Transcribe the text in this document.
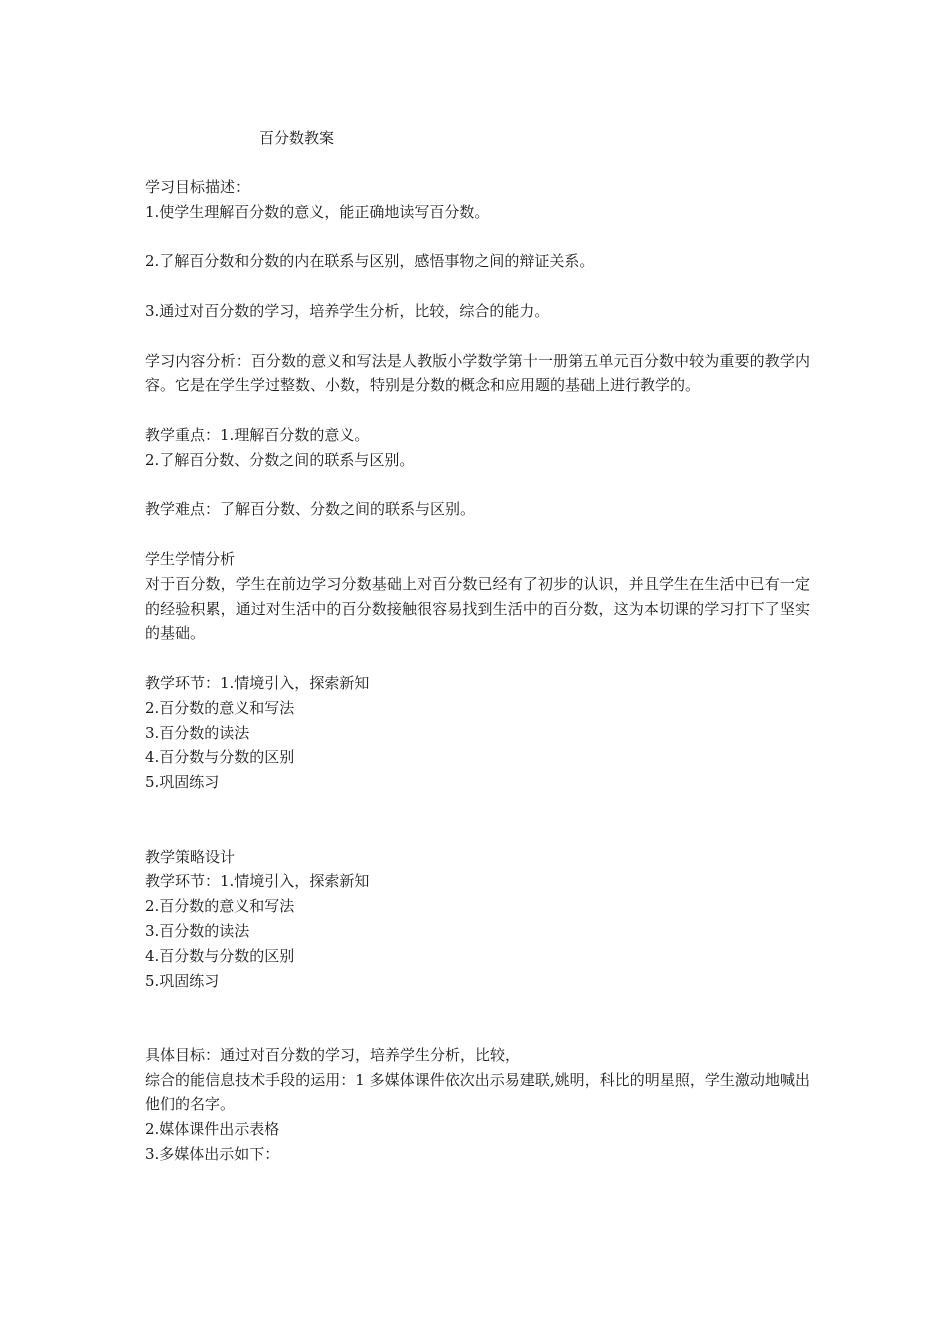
百分数教案

学习目标描述：

1.使学生理解百分数的意义，能正确地读写百分数。

2.了解百分数和分数的内在联系与区别，感悟事物之间的辩证关系。

3.通过对百分数的学习，培养学生分析，比较，综合的能力。

学习内容分析：百分数的意义和写法是人教版小学数学第十一册第五单元百分数中较为重要的教学内容。它是在学生学过整数、小数，特别是分数的概念和应用题的基础上进行教学的。

教学重点：1.理解百分数的意义。

2.了解百分数、分数之间的联系与区别。

教学难点：了解百分数、分数之间的联系与区别。

学生学情分析

对于百分数，学生在前边学习分数基础上对百分数已经有了初步的认识，并且学生在生活中已有一定的经验积累，通过对生活中的百分数接触很容易找到生活中的百分数，这为本切课的学习打下了坚实的基础。

教学环节：1.情境引入，探索新知

2.百分数的意义和写法

3.百分数的读法

4.百分数与分数的区别

5.巩固练习

教学策略设计

教学环节：1.情境引入，探索新知

2.百分数的意义和写法

3.百分数的读法

4.百分数与分数的区别

5.巩固练习

具体目标：通过对百分数的学习，培养学生分析，比较，

综合的能信息技术手段的运用：1 多媒体课件依次出示易建联,姚明，科比的明星照，学生激动地喊出他们的名字。

2.媒体课件出示表格

3.多媒体出示如下：
